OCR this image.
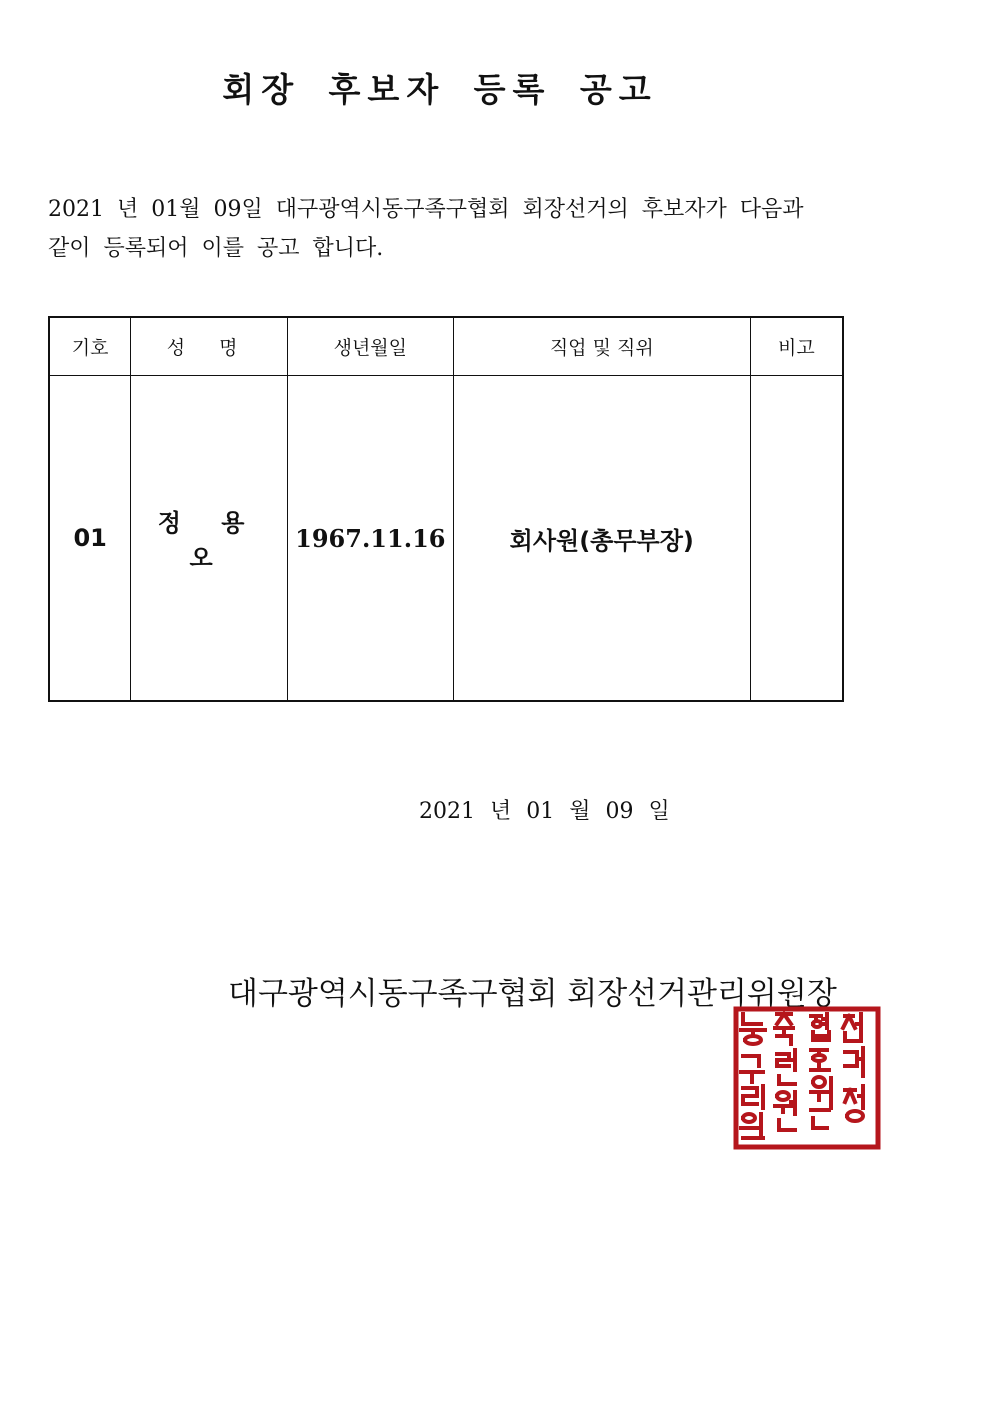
회장 후보자 등록 공고

2021 년 01월 09일 대구광역시동구족구협회 회장선거의 후보자가 다음과

같이 등록되어 이를 공고 합니다.

기호	성 명	생년월일	직업 및 직위	비고
01	정 용 오	1967.11.16	회사원(총무부장)	
2021 년 01 월 09 일
대구광역시동구족구협회 회장선거관리위원장
